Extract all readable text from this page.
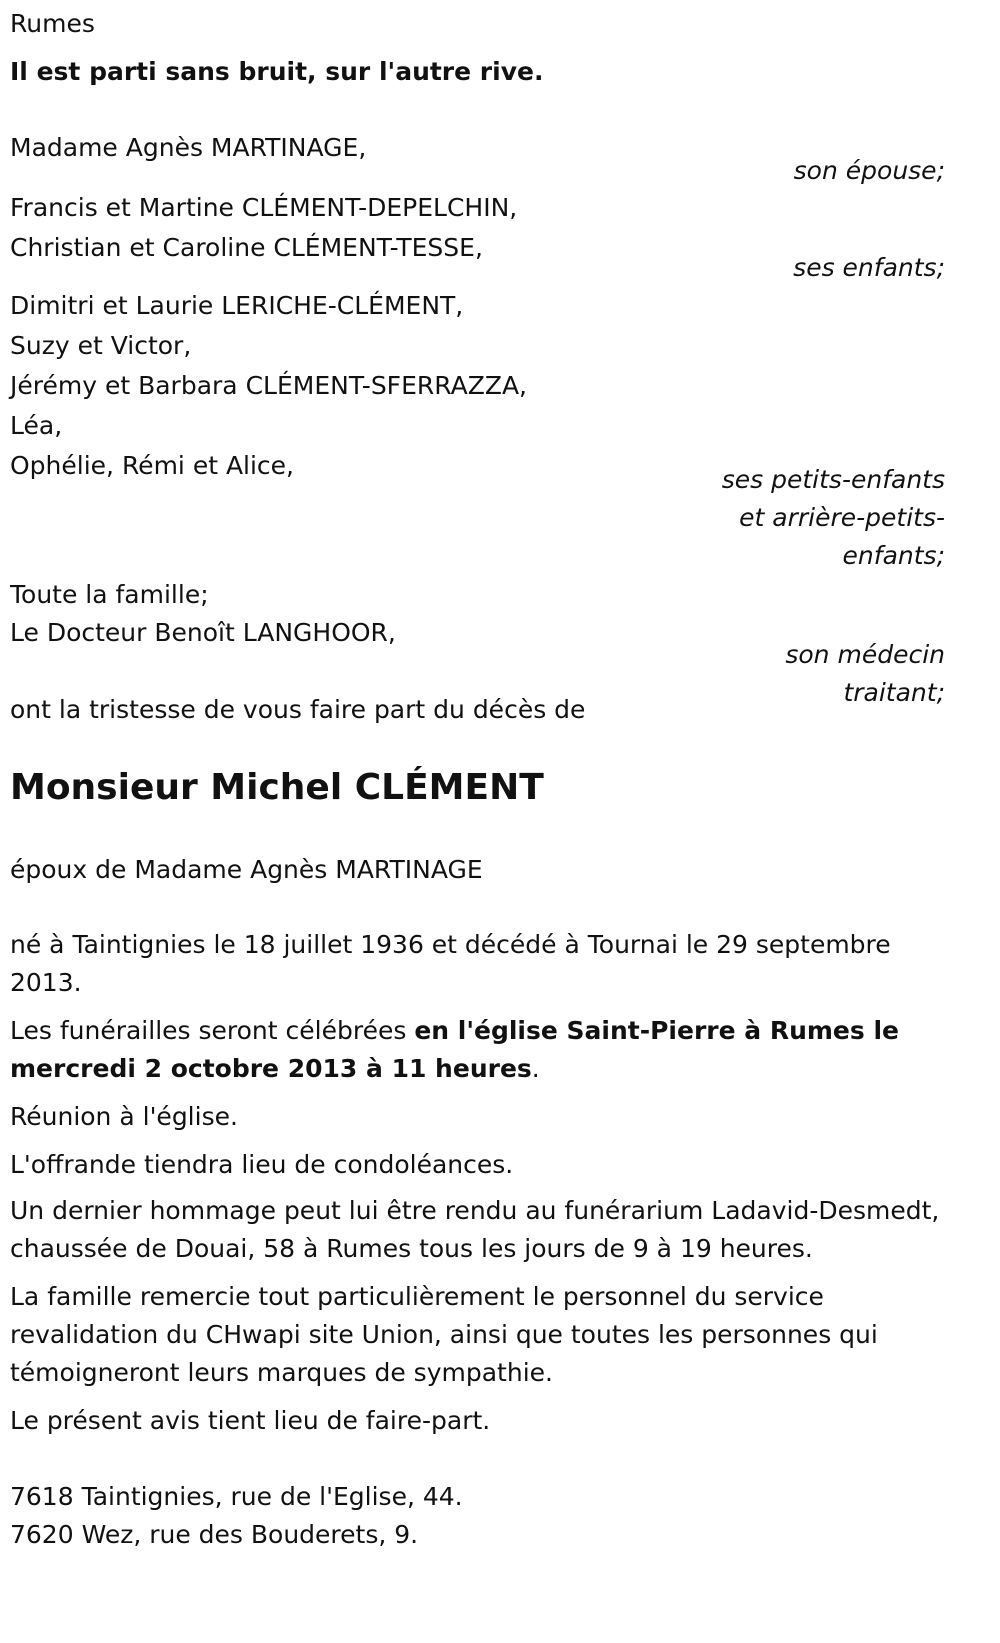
Rumes

Il est parti sans bruit, sur l'autre rive.

Madame Agnès MARTINAGE,

son épouse;

Francis et Martine CLÉMENT-DEPELCHIN,
Christian et Caroline CLÉMENT-TESSE,

ses enfants;

Dimitri et Laurie LERICHE-CLÉMENT,
Suzy et Victor,
Jérémy et Barbara CLÉMENT-SFERRAZZA,
Léa,
Ophélie, Rémi et Alice,	ses petits-enfants
et arrière-petits-
enfants;

Toute la famille;

Le Docteur Benoît LANGHOOR,

son médecin
traitant;

ont la tristesse de vous faire part du décès de

Monsieur Michel CLÉMENT

époux de Madame Agnès MARTINAGE

né à Taintignies le 18 juillet 1936 et décédé à Tournai le 29 septembre 2013.

Les funérailles seront célébrées en l'église Saint-Pierre à Rumes le mercredi 2 octobre 2013 à 11 heures.

Réunion à l'église.

L'offrande tiendra lieu de condoléances.

Un dernier hommage peut lui être rendu au funérarium Ladavid-Desmedt, chaussée de Douai, 58 à Rumes tous les jours de 9 à 19 heures.

La famille remercie tout particulièrement le personnel du service revalidation du CHwapi site Union, ainsi que toutes les personnes qui témoigneront leurs marques de sympathie.

Le présent avis tient lieu de faire-part.

7618 Taintignies, rue de l'Eglise, 44.
7620 Wez, rue des Bouderets, 9.
